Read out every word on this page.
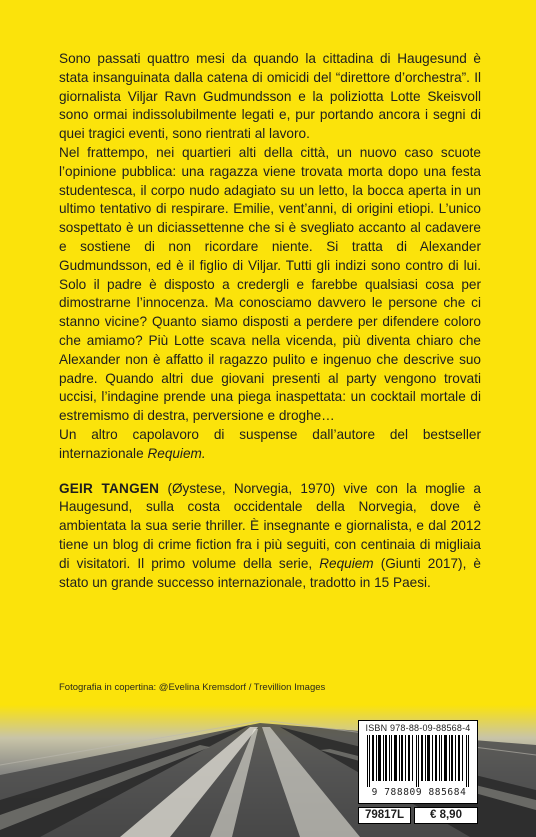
Sono passati quattro mesi da quando la cittadina di Haugesund è stata insanguinata dalla catena di omicidi del “direttore d’orchestra”. Il giornalista Viljar Ravn Gudmundsson e la poliziotta Lotte Skeisvoll sono ormai indissolubilmente legati e, pur portando ancora i segni di quei tragici eventi, sono rientrati al lavoro.

Nel frattempo, nei quartieri alti della città, un nuovo caso scuote l’opinione pubblica: una ragazza viene trovata morta dopo una festa studentesca, il corpo nudo adagiato su un letto, la bocca aperta in un ultimo tentativo di respirare. Emilie, vent’anni, di origini etiopi. L’unico sospettato è un diciassettenne che si è svegliato accanto al cadavere e sostiene di non ricordare niente. Si tratta di Alexander Gudmundsson, ed è il figlio di Viljar. Tutti gli indizi sono contro di lui. Solo il padre è disposto a credergli e farebbe qualsiasi cosa per dimostrarne l’innocenza. Ma conosciamo davvero le persone che ci stanno vicine? Quanto siamo disposti a perdere per difendere coloro che amiamo? Più Lotte scava nella vicenda, più diventa chiaro che Alexander non è affatto il ragazzo pulito e ingenuo che descrive suo padre. Quando altri due giovani presenti al party vengono trovati uccisi, l’indagine prende una piega inaspettata: un cocktail mortale di estremismo di destra, perversione e droghe…

Un altro capolavoro di suspense dall’autore del bestseller internazionale Requiem.

GEIR TANGEN (Øystese, Norvegia, 1970) vive con la moglie a Haugesund, sulla costa occidentale della Norvegia, dove è ambientata la sua serie thriller. È insegnante e giornalista, e dal 2012 tiene un blog di crime fiction fra i più seguiti, con centinaia di migliaia di visitatori. Il primo volume della serie, Requiem (Giunti 2017), è stato un grande successo internazionale, tradotto in 15 Paesi.

Fotografia in copertina: @Evelina Kremsdorf / Trevillion Images
ISBN 978-88-09-88568-4
9 788809 885684
79817L	€ 8,90
